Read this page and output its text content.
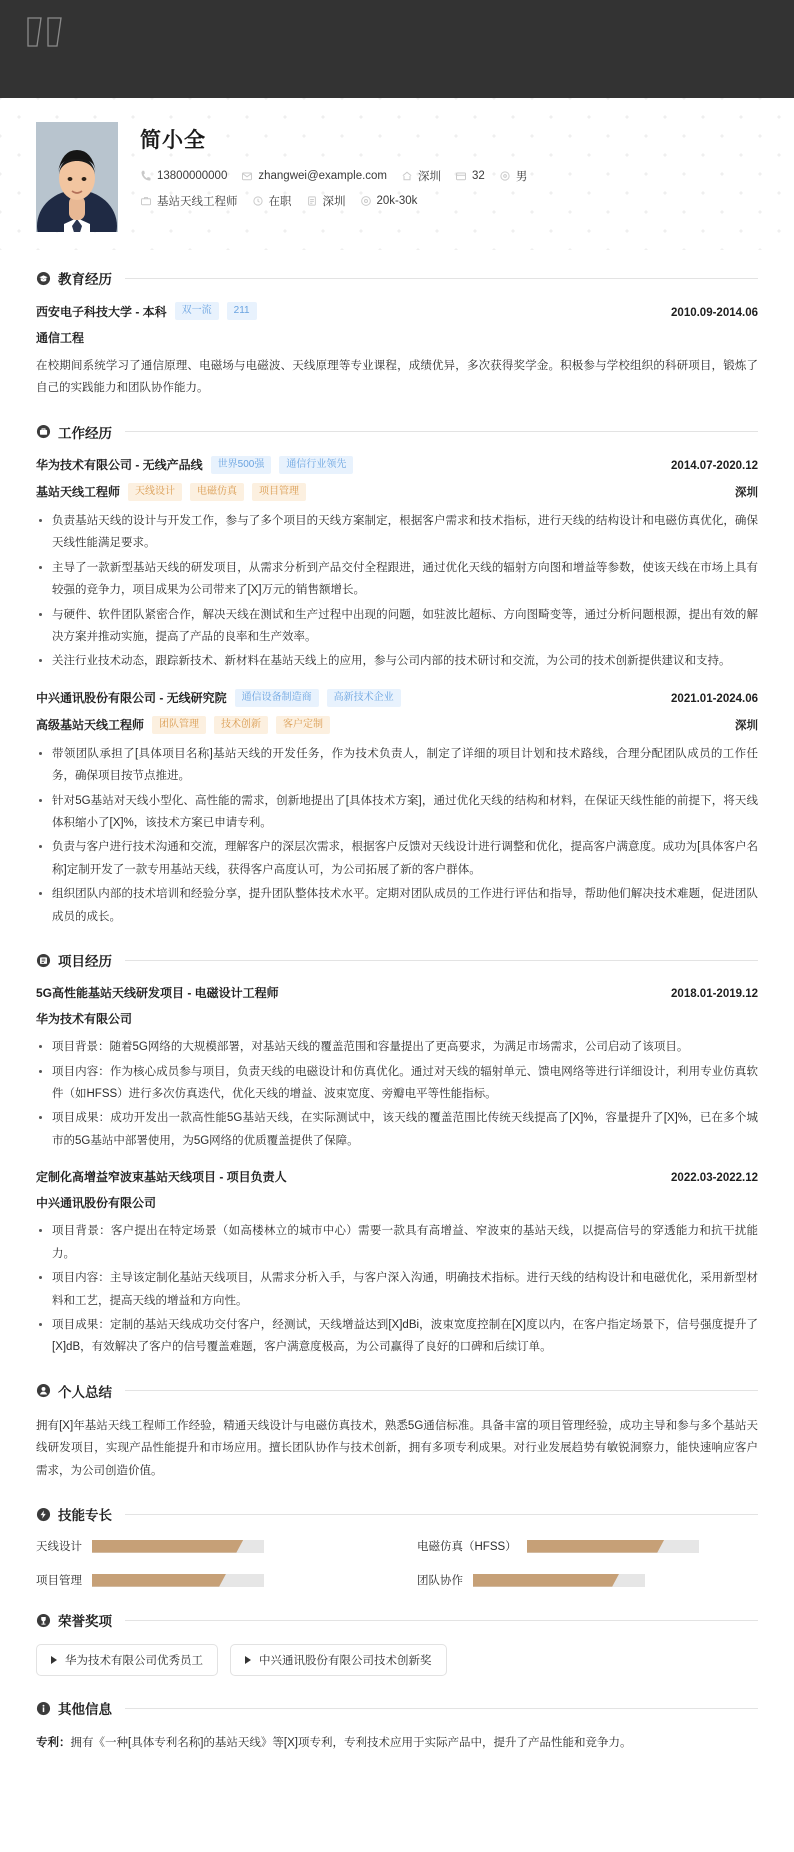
简小全
13800000000	zhangwei@example.com	深圳	32	男
基站天线工程师	在职	深圳	20k-30k
教育经历
西安电子科技大学 - 本科	双一流	211	2010.09-2014.06
通信工程
在校期间系统学习了通信原理、电磁场与电磁波、天线原理等专业课程，成绩优异，多次获得奖学金。积极参与学校组织的科研项目，锻炼了自己的实践能力和团队协作能力。
工作经历
华为技术有限公司 - 无线产品线	世界500强	通信行业领先	2014.07-2020.12
基站天线工程师	天线设计	电磁仿真	项目管理	深圳
负责基站天线的设计与开发工作，参与了多个项目的天线方案制定，根据客户需求和技术指标，进行天线的结构设计和电磁仿真优化，确保天线性能满足要求。
主导了一款新型基站天线的研发项目，从需求分析到产品交付全程跟进，通过优化天线的辐射方向图和增益等参数，使该天线在市场上具有较强的竞争力，项目成果为公司带来了[X]万元的销售额增长。
与硬件、软件团队紧密合作，解决天线在测试和生产过程中出现的问题，如驻波比超标、方向图畸变等，通过分析问题根源，提出有效的解决方案并推动实施，提高了产品的良率和生产效率。
关注行业技术动态，跟踪新技术、新材料在基站天线上的应用，参与公司内部的技术研讨和交流，为公司的技术创新提供建议和支持。
中兴通讯股份有限公司 - 无线研究院	通信设备制造商	高新技术企业	2021.01-2024.06
高级基站天线工程师	团队管理	技术创新	客户定制	深圳
带领团队承担了[具体项目名称]基站天线的开发任务，作为技术负责人，制定了详细的项目计划和技术路线，合理分配团队成员的工作任务，确保项目按节点推进。
针对5G基站对天线小型化、高性能的需求，创新地提出了[具体技术方案]，通过优化天线的结构和材料，在保证天线性能的前提下，将天线体积缩小了[X]%，该技术方案已申请专利。
负责与客户进行技术沟通和交流，理解客户的深层次需求，根据客户反馈对天线设计进行调整和优化，提高客户满意度。成功为[具体客户名称]定制开发了一款专用基站天线，获得客户高度认可，为公司拓展了新的客户群体。
组织团队内部的技术培训和经验分享，提升团队整体技术水平。定期对团队成员的工作进行评估和指导，帮助他们解决技术难题，促进团队成员的成长。
项目经历
5G高性能基站天线研发项目 - 电磁设计工程师	2018.01-2019.12
华为技术有限公司
项目背景：随着5G网络的大规模部署，对基站天线的覆盖范围和容量提出了更高要求，为满足市场需求，公司启动了该项目。
项目内容：作为核心成员参与项目，负责天线的电磁设计和仿真优化。通过对天线的辐射单元、馈电网络等进行详细设计，利用专业仿真软件（如HFSS）进行多次仿真迭代，优化天线的增益、波束宽度、旁瓣电平等性能指标。
项目成果：成功开发出一款高性能5G基站天线，在实际测试中，该天线的覆盖范围比传统天线提高了[X]%，容量提升了[X]%，已在多个城市的5G基站中部署使用，为5G网络的优质覆盖提供了保障。
定制化高增益窄波束基站天线项目 - 项目负责人	2022.03-2022.12
中兴通讯股份有限公司
项目背景：客户提出在特定场景（如高楼林立的城市中心）需要一款具有高增益、窄波束的基站天线，以提高信号的穿透能力和抗干扰能力。
项目内容：主导该定制化基站天线项目，从需求分析入手，与客户深入沟通，明确技术指标。进行天线的结构设计和电磁优化，采用新型材料和工艺，提高天线的增益和方向性。
项目成果：定制的基站天线成功交付客户，经测试，天线增益达到[X]dBi，波束宽度控制在[X]度以内，在客户指定场景下，信号强度提升了[X]dB，有效解决了客户的信号覆盖难题，客户满意度极高，为公司赢得了良好的口碑和后续订单。
个人总结
拥有[X]年基站天线工程师工作经验，精通天线设计与电磁仿真技术，熟悉5G通信标准。具备丰富的项目管理经验，成功主导和参与多个基站天线研发项目，实现产品性能提升和市场应用。擅长团队协作与技术创新，拥有多项专利成果。对行业发展趋势有敏锐洞察力，能快速响应客户需求，为公司创造价值。
技能专长
天线设计	电磁仿真（HFSS）
项目管理	团队协作
荣誉奖项
华为技术有限公司优秀员工	中兴通讯股份有限公司技术创新奖
其他信息
专利：拥有《一种[具体专利名称]的基站天线》等[X]项专利，专利技术应用于实际产品中，提升了产品性能和竞争力。
